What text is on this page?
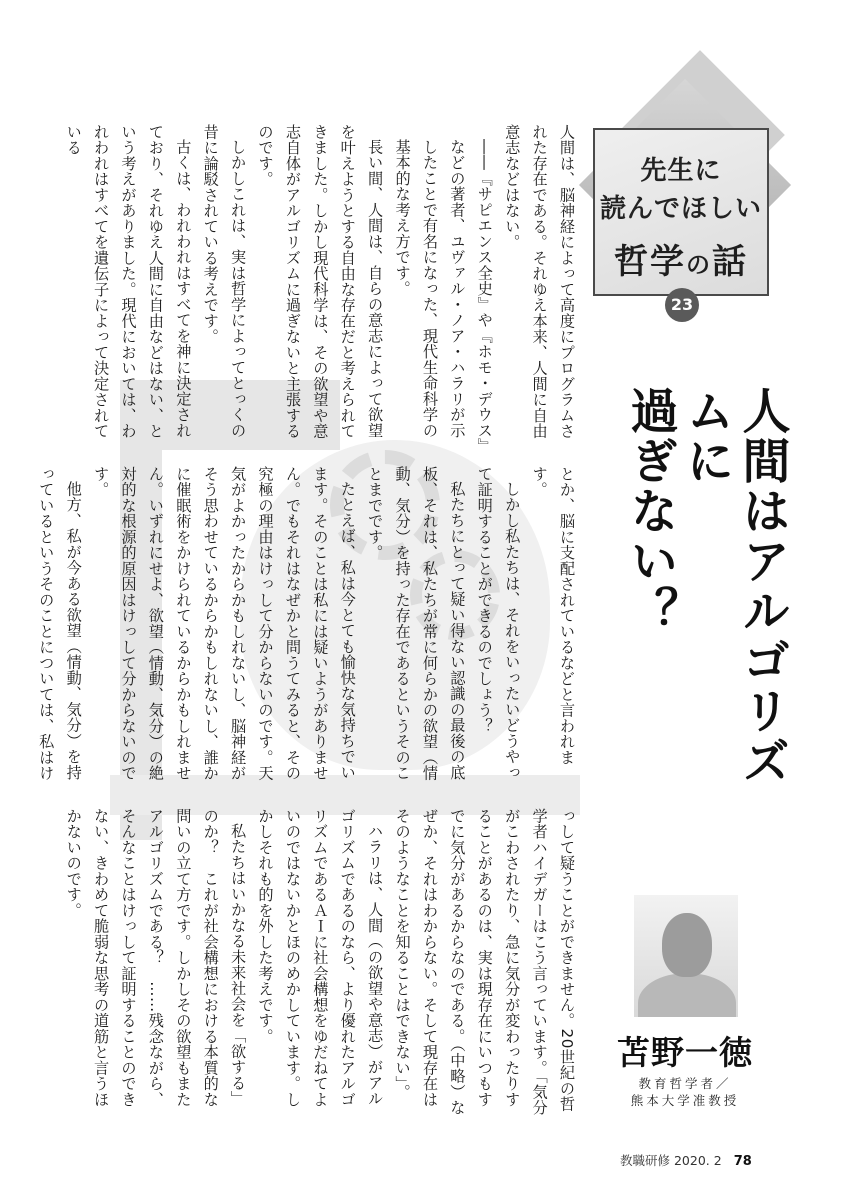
人間は、脳神経によって高度にプログラムされた存在である。それゆえ本来、人間に自由意志などはない。

――『サピエンス全史』や『ホモ・デウス』などの著者、ユヴァル・ノア・ハラリが示したことで有名になった、現代生命科学の基本的な考え方です。

長い間、人間は、自らの意志によって欲望を叶えようとする自由な存在だと考えられてきました。しかし現代科学は、その欲望や意志自体がアルゴリズムに過ぎないと主張するのです。

しかしこれは、実は哲学によってとっくの昔に論駁されている考えです。

古くは、われわれはすべてを神に決定されており、それゆえ人間に自由などはない、という考えがありました。現代においては、われわれはすべてを遺伝子によって決定されている

とか、脳に支配されているなどと言われます。

しかし私たちは、それをいったいどうやって証明することができるのでしょう？

私たちにとって疑い得ない認識の最後の底板、それは、私たちが常に何らかの欲望（情動、気分）を持った存在であるというそのことまでです。

たとえば、私は今とても愉快な気持ちでいます。そのことは私には疑いようがありません。でもそれはなぜかと問うてみると、その究極の理由はけっして分からないのです。天気がよかったからかもしれないし、脳神経がそう思わせているからかもしれないし、誰かに催眠術をかけられているからかもしれません。いずれにせよ、欲望（情動、気分）の絶対的な根源的原因はけっして分からないのです。

他方、私が今ある欲望（情動、気分）を持っているというそのことについては、私はけ

っして疑うことができません。20世紀の哲学者ハイデガーはこう言っています。「気分がこわされたり、急に気分が変わったりすることがあるのは、実は現存在にいつもすでに気分があるからなのである。（中略）なぜか、それはわからない。そして現存在はそのようなことを知ることはできない」。

ハラリは、人間（の欲望や意志）がアルゴリズムであるのなら、より優れたアルゴリズムであるＡＩに社会構想をゆだねてよいのではないかとほのめかしています。しかしそれも的を外した考えです。

私たちはいかなる未来社会を「欲する」のか？　これが社会構想における本質的な問いの立て方です。しかしその欲望もまたアルゴリズムである？　……残念ながら、そんなことはけっして証明することのできない、きわめて脆弱な思考の道筋と言うほかないのです。

先生に
読んでほしい
哲学の話
23
人間はアルゴリズムに
過ぎない？
苫野一徳
教育哲学者／
熊本大学准教授
教職研修 2020. 2 78
